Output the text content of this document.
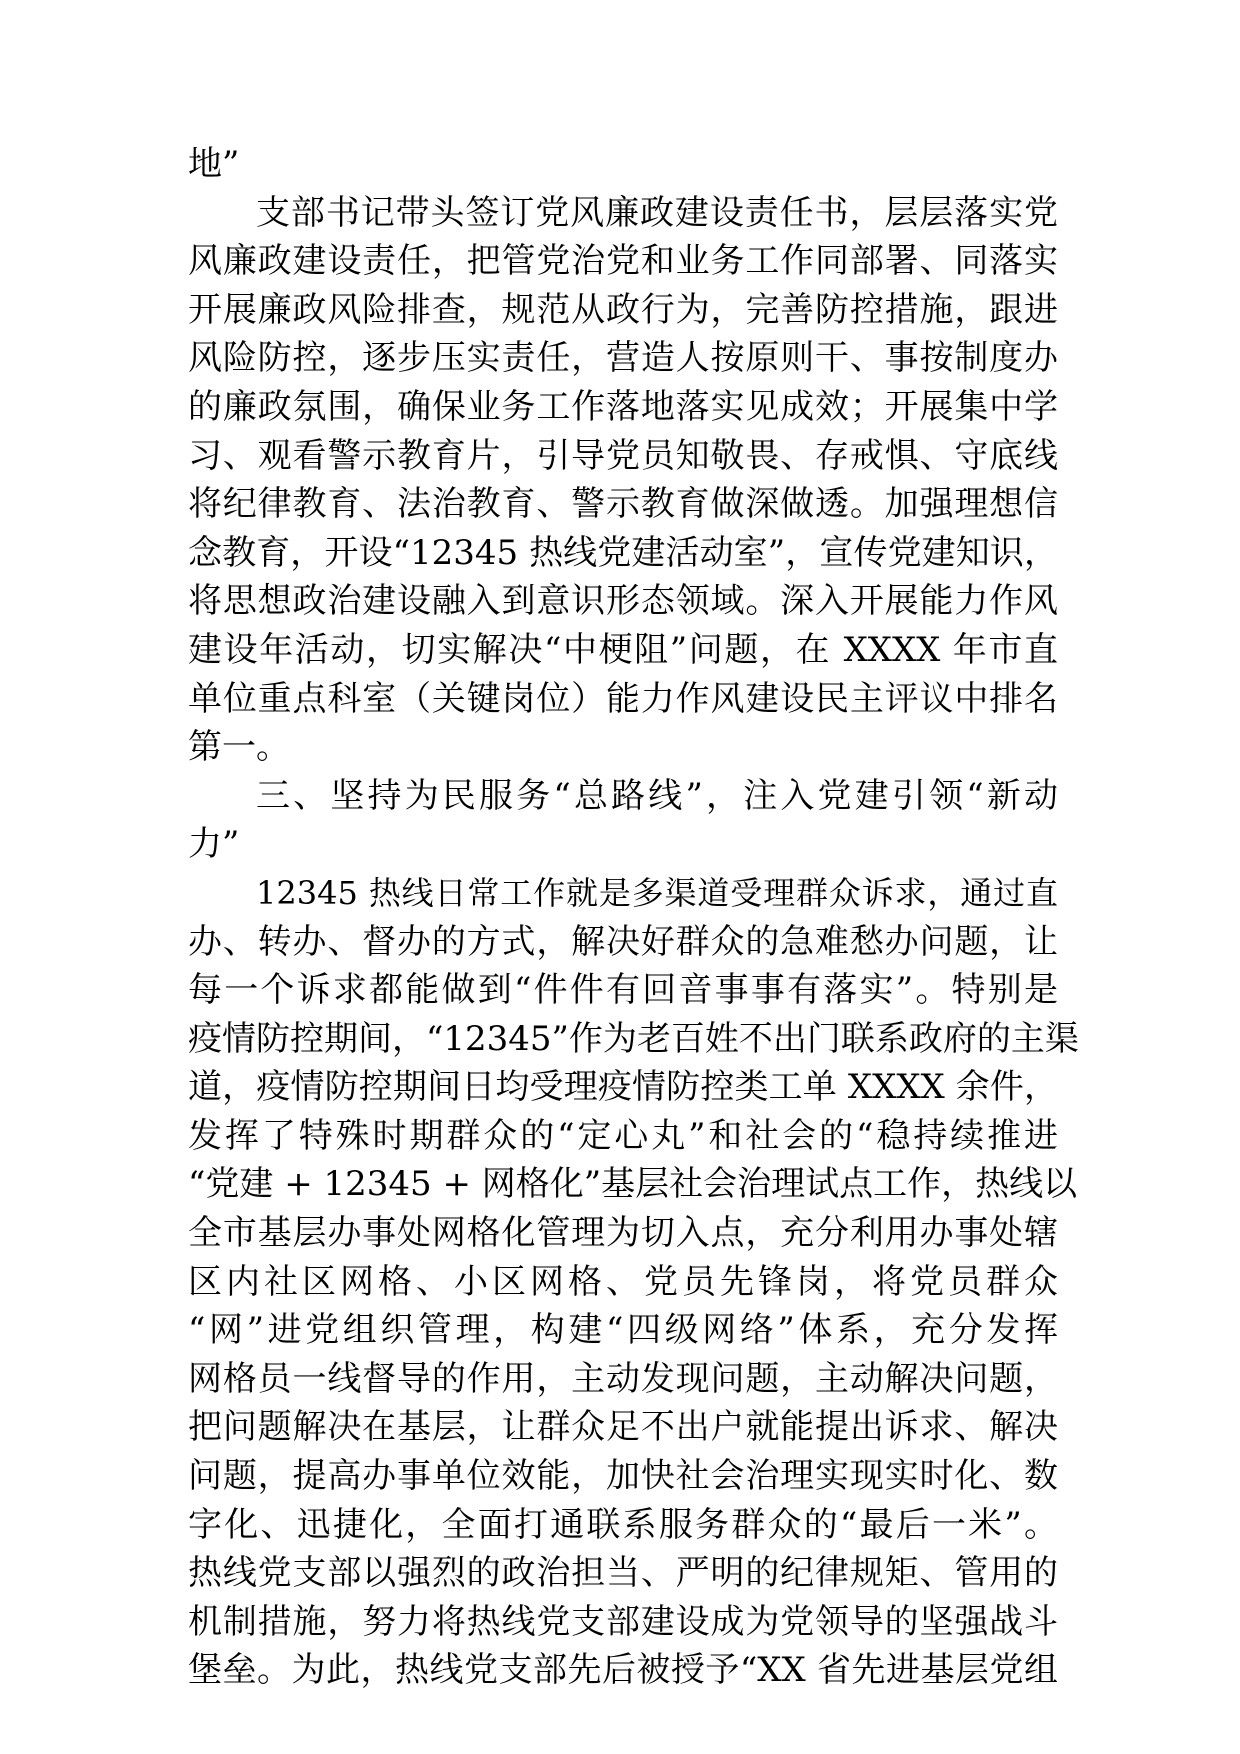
地”
支部书记带头签订党风廉政建设责任书，层层落实党
风廉政建设责任，把管党治党和业务工作同部署、同落实
开展廉政风险排查，规范从政行为，完善防控措施，跟进
风险防控，逐步压实责任，营造人按原则干、事按制度办
的廉政氛围，确保业务工作落地落实见成效；开展集中学
习、观看警示教育片，引导党员知敬畏、存戒惧、守底线
将纪律教育、法治教育、警示教育做深做透。加强理想信
念教育，开设“12345 热线党建活动室”，宣传党建知识，
将思想政治建设融入到意识形态领域。深入开展能力作风
建设年活动，切实解决“中梗阻”问题，在 XXXX 年市直
单位重点科室（关键岗位）能力作风建设民主评议中排名
第一。
三、坚持为民服务“总路线”，注入党建引领“新动
力”
12345 热线日常工作就是多渠道受理群众诉求，通过直
办、转办、督办的方式，解决好群众的急难愁办问题，让
每一个诉求都能做到“件件有回音事事有落实”。特别是
疫情防控期间，“12345”作为老百姓不出门联系政府的主渠
道，疫情防控期间日均受理疫情防控类工单 XXXX 余件，
发挥了特殊时期群众的“定心丸”和社会的“稳持续推进
“党建 + 12345 + 网格化”基层社会治理试点工作，热线以
全市基层办事处网格化管理为切入点，充分利用办事处辖
区内社区网格、小区网格、党员先锋岗，将党员群众
“网”进党组织管理，构建“四级网络”体系，充分发挥
网格员一线督导的作用，主动发现问题，主动解决问题，
把问题解决在基层，让群众足不出户就能提出诉求、解决
问题，提高办事单位效能，加快社会治理实现实时化、数
字化、迅捷化，全面打通联系服务群众的“最后一米”。
热线党支部以强烈的政治担当、严明的纪律规矩、管用的
机制措施，努力将热线党支部建设成为党领导的坚强战斗
堡垒。为此，热线党支部先后被授予“XX 省先进基层党组
